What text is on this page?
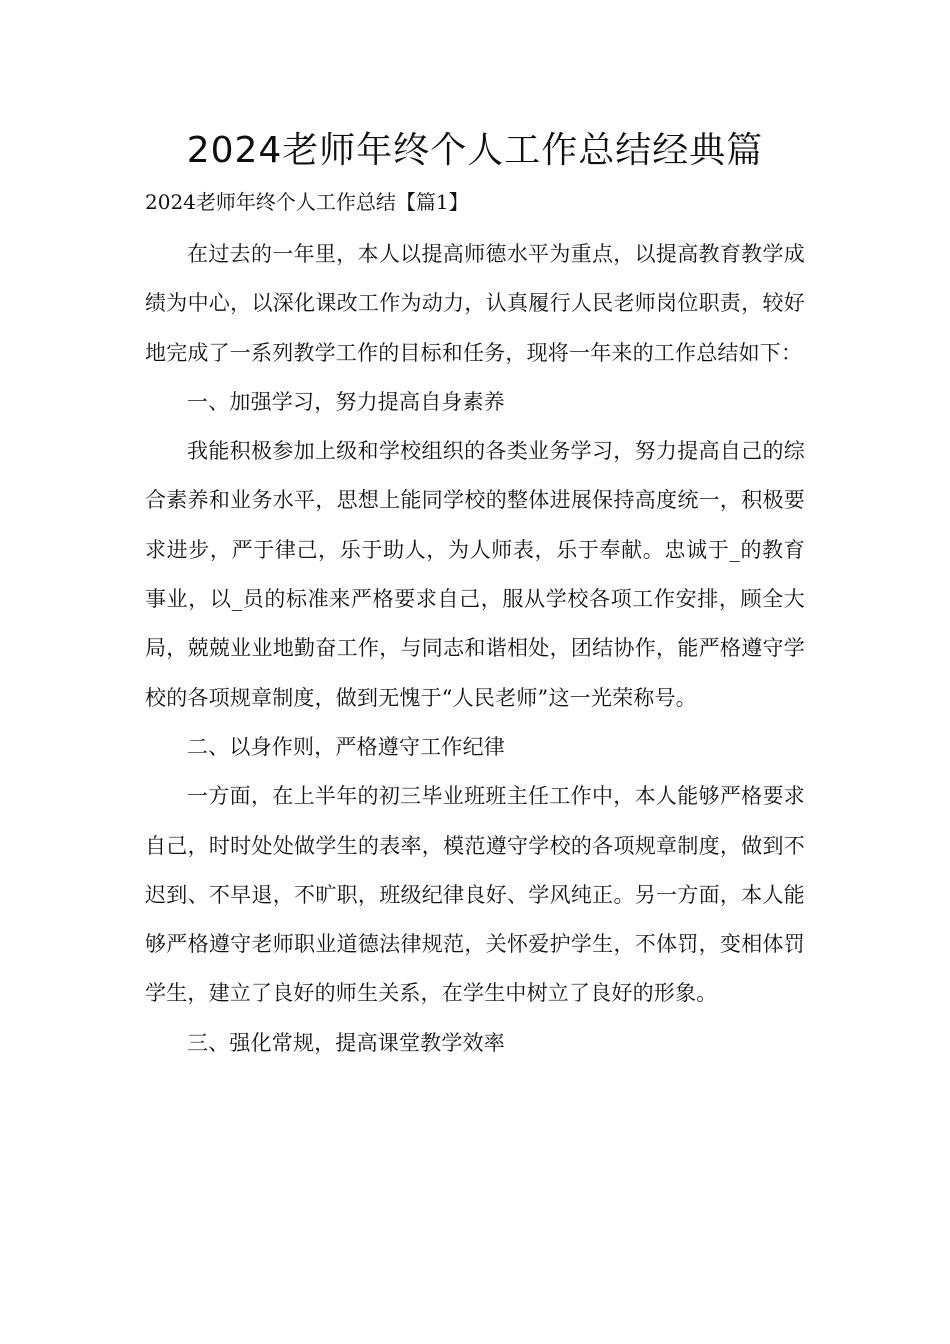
2024老师年终个人工作总结经典篇
2024老师年终个人工作总结【篇1】

在过去的一年里，本人以提高师德水平为重点，以提高教育教学成绩为中心，以深化课改工作为动力，认真履行人民老师岗位职责，较好地完成了一系列教学工作的目标和任务，现将一年来的工作总结如下：

一、加强学习，努力提高自身素养

我能积极参加上级和学校组织的各类业务学习，努力提高自己的综合素养和业务水平，思想上能同学校的整体进展保持高度统一，积极要求进步，严于律己，乐于助人，为人师表，乐于奉献。忠诚于_的教育事业，以_员的标准来严格要求自己，服从学校各项工作安排，顾全大局，兢兢业业地勤奋工作，与同志和谐相处，团结协作，能严格遵守学校的各项规章制度，做到无愧于“人民老师”这一光荣称号。

二、以身作则，严格遵守工作纪律

一方面，在上半年的初三毕业班班主任工作中，本人能够严格要求自己，时时处处做学生的表率，模范遵守学校的各项规章制度，做到不迟到、不早退，不旷职，班级纪律良好、学风纯正。另一方面，本人能够严格遵守老师职业道德法律规范，关怀爱护学生，不体罚，变相体罚学生，建立了良好的师生关系，在学生中树立了良好的形象。

三、强化常规，提高课堂教学效率
